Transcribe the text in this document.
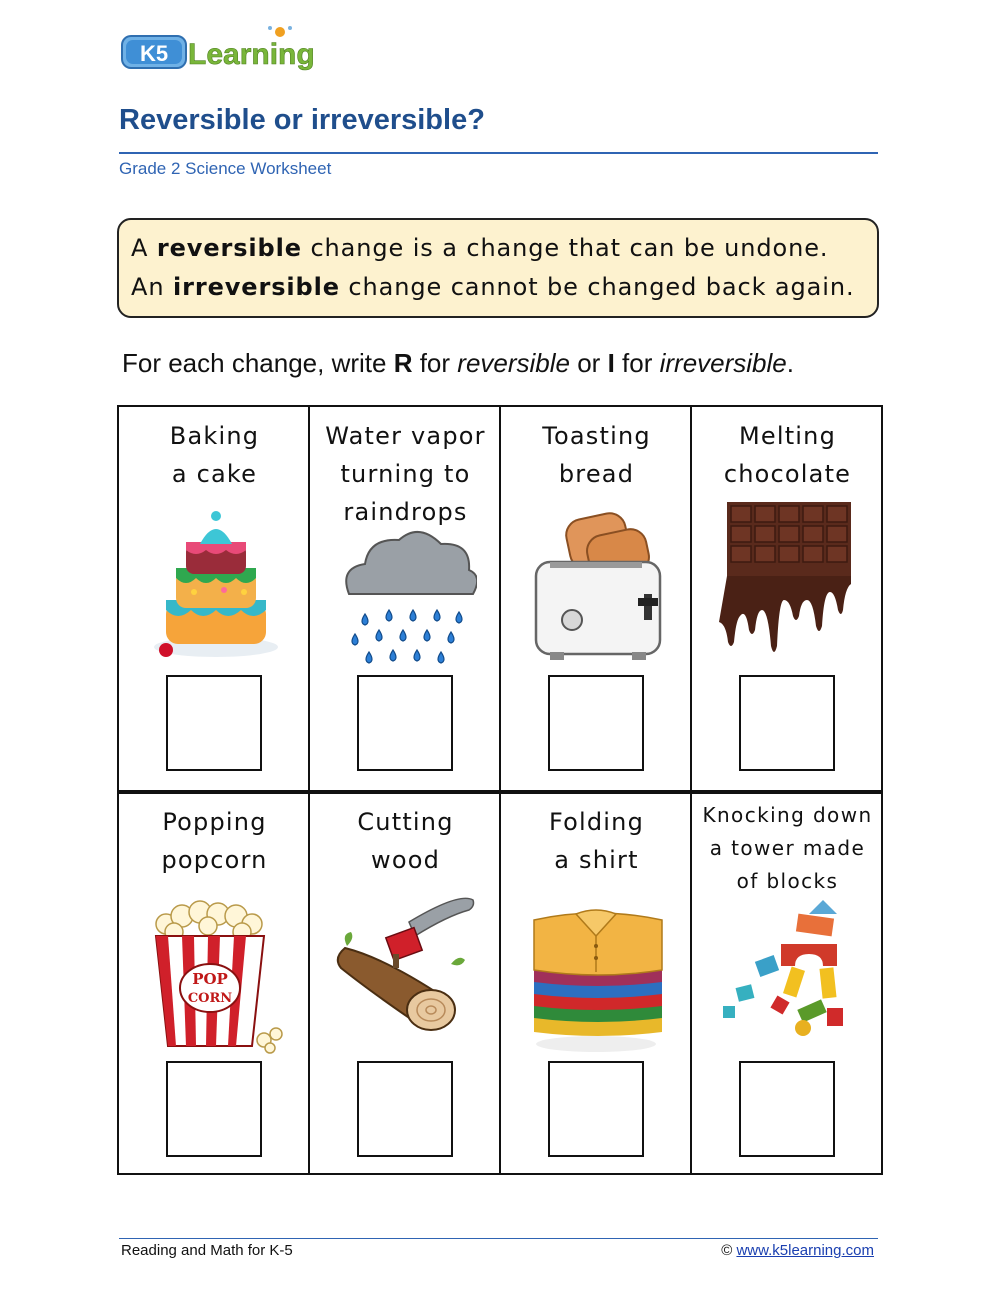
K5 Learning
Reversible or irreversible?
Grade 2 Science Worksheet
A reversible change is a change that can be undone.
An irreversible change cannot be changed back again.
For each change, write R for reversible or I for irreversible.
Baking
a cake
Water vapor
turning to
raindrops
Toasting
bread
Melting
chocolate
Popping
popcorn
POP
CORN
Cutting
wood
Folding
a shirt
Knocking down
a tower made
of blocks
Reading and Math for K-5	© www.k5learning.com
